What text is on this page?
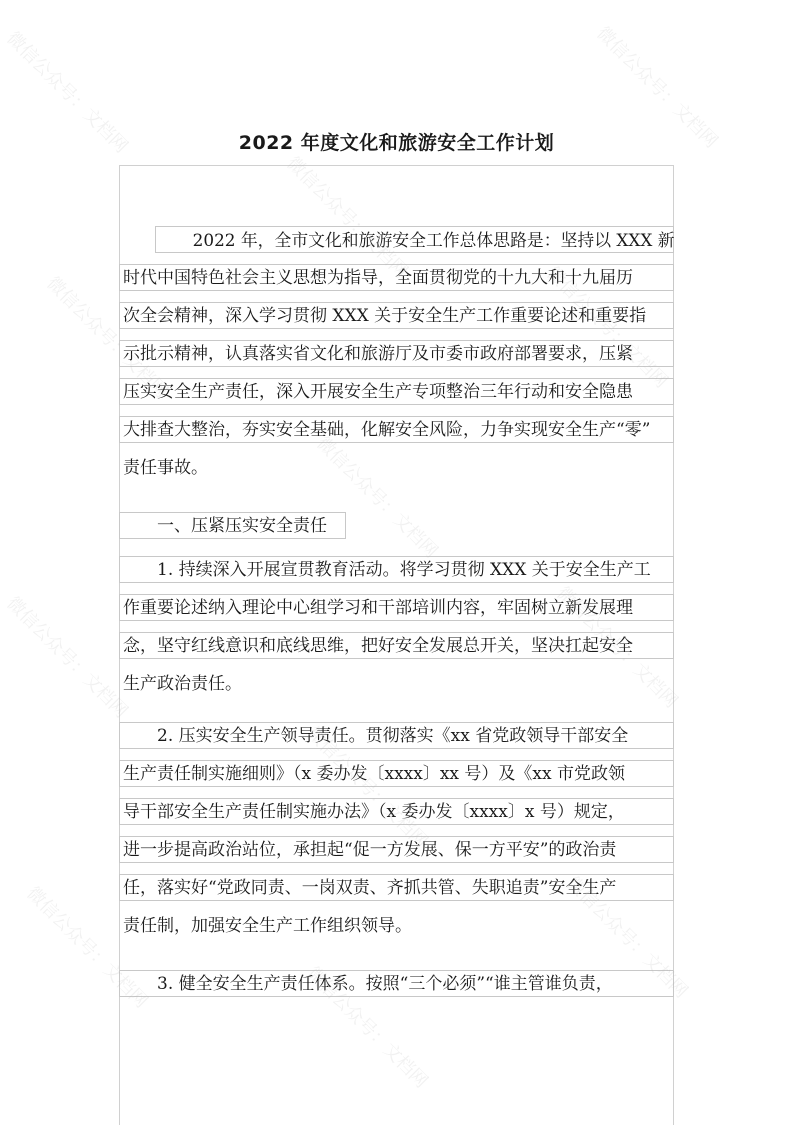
2022 年度文化和旅游安全工作计划
　　2022 年，全市文化和旅游安全工作总体思路是：坚持以 XXX 新
时代中国特色社会主义思想为指导，全面贯彻党的十九大和十九届历
次全会精神，深入学习贯彻 XXX 关于安全生产工作重要论述和重要指
示批示精神，认真落实省文化和旅游厅及市委市政府部署要求，压紧
压实安全生产责任，深入开展安全生产专项整治三年行动和安全隐患
大排查大整治，夯实安全基础，化解安全风险，力争实现安全生产“零”
责任事故。
　　一、压紧压实安全责任
　　1. 持续深入开展宣贯教育活动。将学习贯彻 XXX 关于安全生产工
作重要论述纳入理论中心组学习和干部培训内容，牢固树立新发展理
念，坚守红线意识和底线思维，把好安全发展总开关，坚决扛起安全
生产政治责任。
　　2. 压实安全生产领导责任。贯彻落实《xx 省党政领导干部安全
生产责任制实施细则》（x 委办发〔xxxx〕xx 号）及《xx 市党政领
导干部安全生产责任制实施办法》（x 委办发〔xxxx〕x 号）规定，
进一步提高政治站位，承担起“促一方发展、保一方平安”的政治责
任，落实好“党政同责、一岗双责、齐抓共管、失职追责”安全生产
责任制，加强安全生产工作组织领导。
　　3. 健全安全生产责任体系。按照“三个必须”“谁主管谁负责，
微信公众号：文档网	微信公众号：文档网
微信公众号：文档网
微信公众号：文档网	微信公众号：文档网
微信公众号：文档网
微信公众号：文档网	微信公众号：文档网
微信公众号：文档网
微信公众号：文档网	微信公众号：文档网
微信公众号：文档网
